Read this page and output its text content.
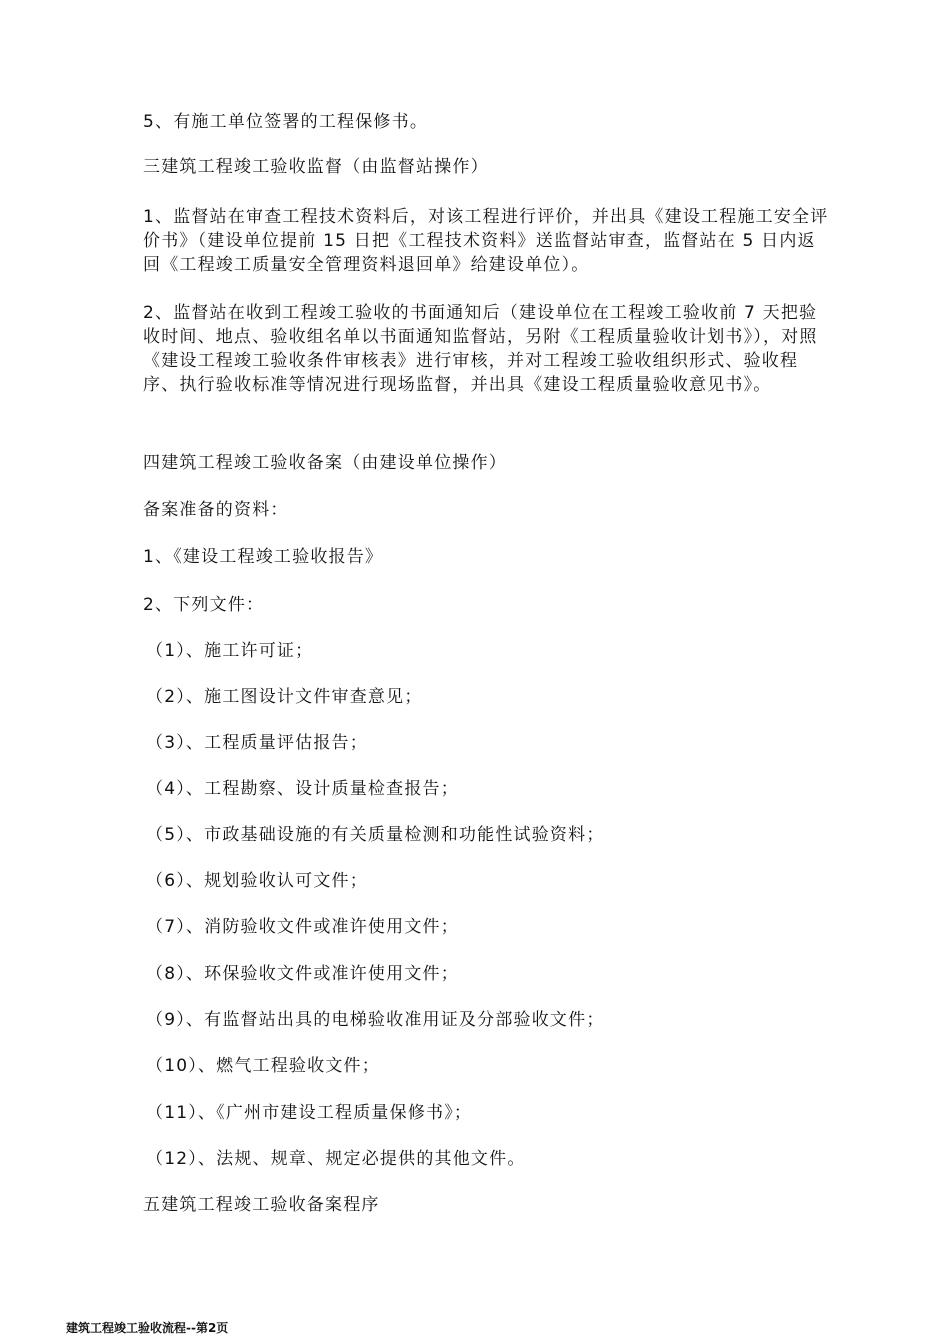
5、有施工单位签署的工程保修书。

三建筑工程竣工验收监督（由监督站操作）

1、监督站在审查工程技术资料后，对该工程进行评价，并出具《建设工程施工安全评价书》（建设单位提前 15 日把《工程技术资料》送监督站审查，监督站在 5 日内返回《工程竣工质量安全管理资料退回单》给建设单位）。

2、监督站在收到工程竣工验收的书面通知后（建设单位在工程竣工验收前 7 天把验收时间、地点、验收组名单以书面通知监督站，另附《工程质量验收计划书》），对照《建设工程竣工验收条件审核表》进行审核，并对工程竣工验收组织形式、验收程序、执行验收标准等情况进行现场监督，并出具《建设工程质量验收意见书》。

四建筑工程竣工验收备案（由建设单位操作）

备案准备的资料：

1、《建设工程竣工验收报告》

2、下列文件：

（1）、施工许可证；

（2）、施工图设计文件审查意见；

（3）、工程质量评估报告；

（4）、工程勘察、设计质量检查报告；

（5）、市政基础设施的有关质量检测和功能性试验资料；

（6）、规划验收认可文件；

（7）、消防验收文件或准许使用文件；

（8）、环保验收文件或准许使用文件；

（9）、有监督站出具的电梯验收准用证及分部验收文件；

（10）、燃气工程验收文件；

（11）、《广州市建设工程质量保修书》；

（12）、法规、规章、规定必提供的其他文件。

五建筑工程竣工验收备案程序

建筑工程竣工验收流程--第2页
